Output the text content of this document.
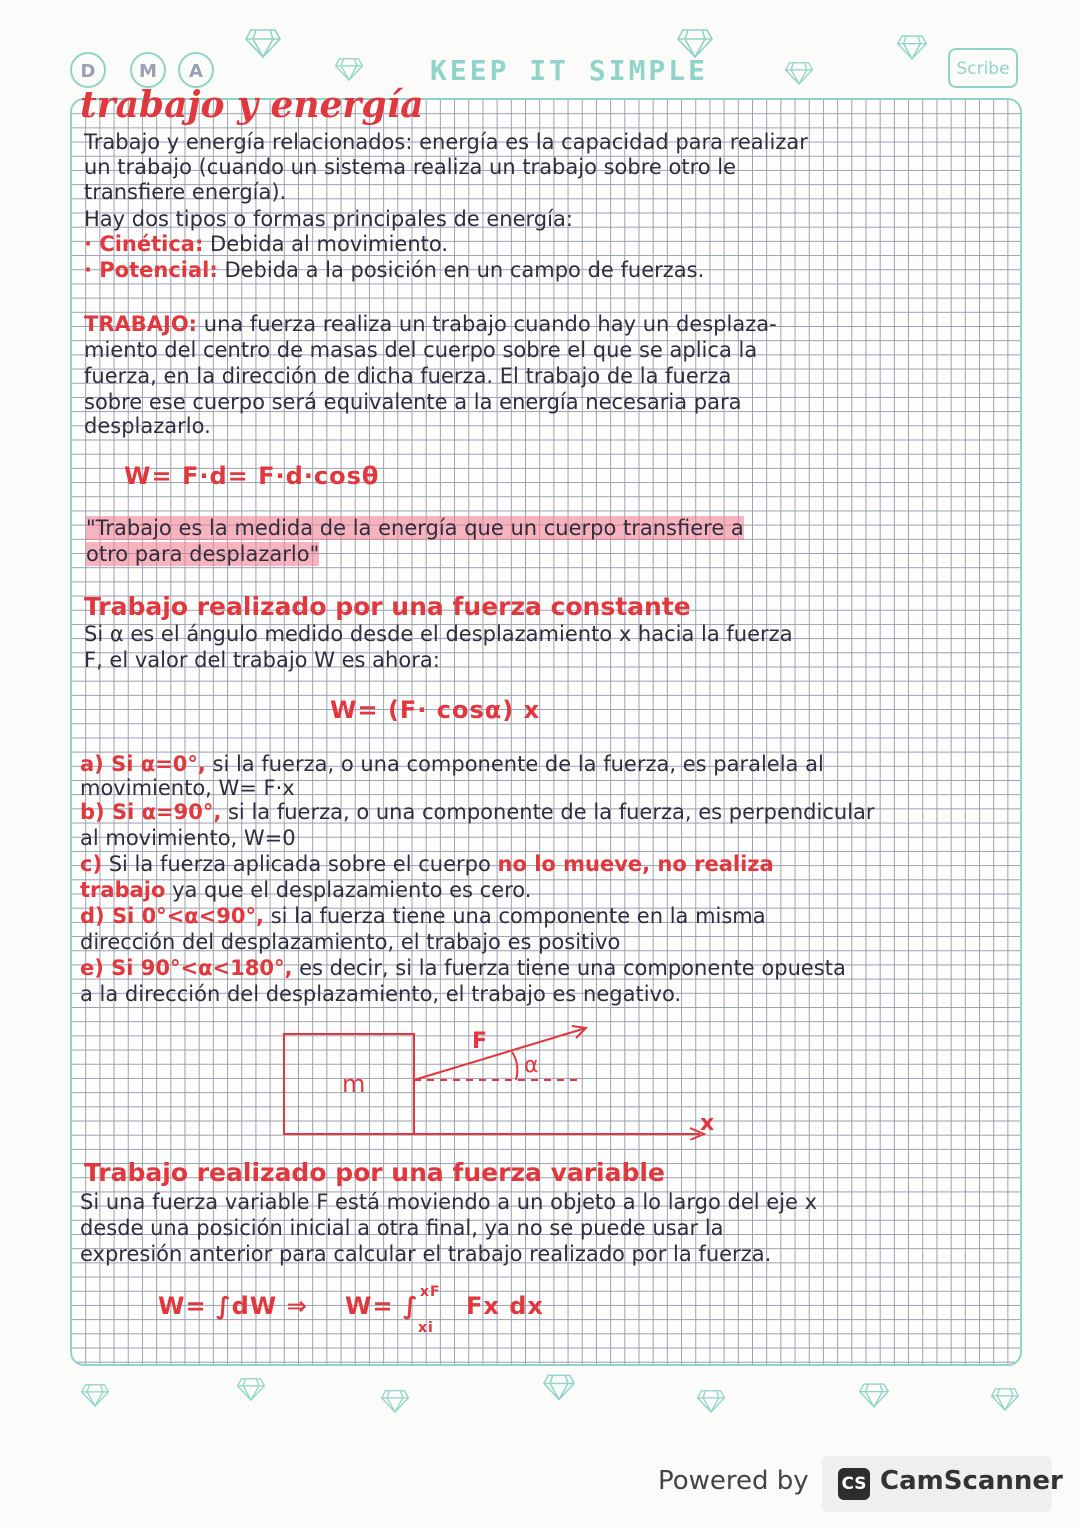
D	M	A	KEEP IT SIMPLE	Scribe
trabajo y energía
Trabajo y energía relacionados: energía es la capacidad para realizar
un trabajo (cuando un sistema realiza un trabajo sobre otro le
transfiere energía).
Hay dos tipos o formas principales de energía:
· Cinética: Debida al movimiento.
· Potencial: Debida a la posición en un campo de fuerzas.
TRABAJO: una fuerza realiza un trabajo cuando hay un desplaza-
miento del centro de masas del cuerpo sobre el que se aplica la
fuerza, en la dirección de dicha fuerza. El trabajo de la fuerza
sobre ese cuerpo será equivalente a la energía necesaria para
desplazarlo.
W= F·d= F·d·cosθ
"Trabajo es la medida de la energía que un cuerpo transfiere a
otro para desplazarlo"
Trabajo realizado por una fuerza constante
Si α es el ángulo medido desde el desplazamiento x hacia la fuerza
F, el valor del trabajo W es ahora:
W= (F· cosα) x
a) Si α=0°, si la fuerza, o una componente de la fuerza, es paralela al
movimiento, W= F·x
b) Si α=90°, si la fuerza, o una componente de la fuerza, es perpendicular
al movimiento, W=0
c) Si la fuerza aplicada sobre el cuerpo no lo mueve, no realiza
trabajo ya que el desplazamiento es cero.
d) Si 0°<α<90°, si la fuerza tiene una componente en la misma
dirección del desplazamiento, el trabajo es positivo
e) Si 90°<α<180°, es decir, si la fuerza tiene una componente opuesta
a la dirección del desplazamiento, el trabajo es negativo.
m
F
α
x
Trabajo realizado por una fuerza variable
Si una fuerza variable F está moviendo a un objeto a lo largo del eje x
desde una posición inicial a otra final, ya no se puede usar la
expresión anterior para calcular el trabajo realizado por la fuerza.
W= ∫dW ⇒ W= ∫ xF
xi
Fx dx
Powered by CS CamScanner
